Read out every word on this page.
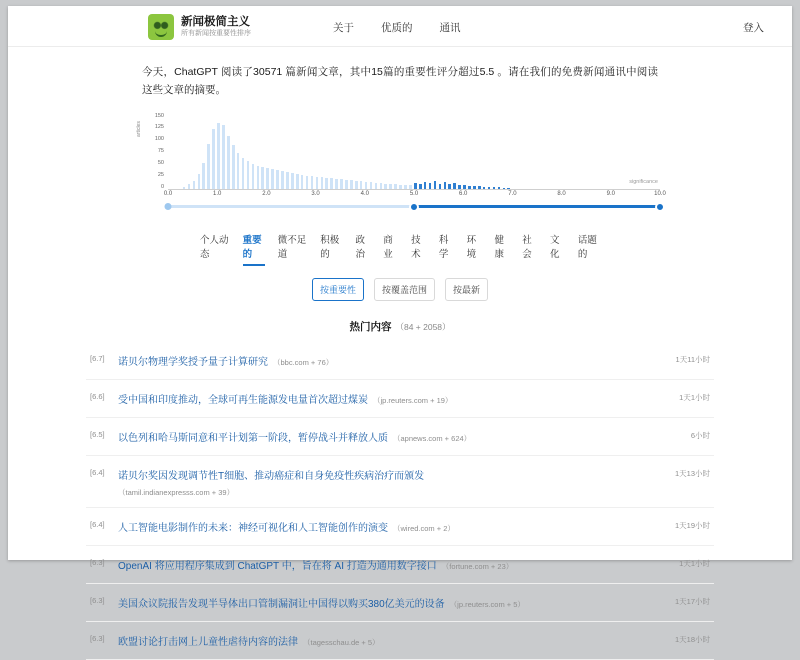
新闻极简主义
所有新闻按重要性排序	关于	优质的	通讯	登入
今天，ChatGPT 阅读了30571 篇新闻文章，其中15篇的重要性评分超过5.5 。请在我们的免费新闻通讯中阅读这些文章的摘要。
150
125
100
75
50
25
0
articles
significance
0.0	1.0	2.0	3.0	4.0	5.0	6.0	7.0	8.0	9.0	10.0
个人动态
重要的
微不足道
积极的
政治
商业
技术
科学
环境
健康
社会
文化
话题的
按重要性	按覆盖范围	按最新
热门内容 （84 + 2058）
[6.7]	诺贝尔物理学奖授予量子计算研究 （bbc.com + 76）	1天11小时
[6.6]	受中国和印度推动，全球可再生能源发电量首次超过煤炭 （jp.reuters.com + 19）	1天1小时
[6.5]	以色列和哈马斯同意和平计划第一阶段，暂停战斗并释放人质 （apnews.com + 624）	6小时
[6.4]	诺贝尔奖因发现调节性T细胞、推动癌症和自身免疫性疾病治疗而颁发
（tamil.indianexpresss.com + 39）
1天13小时
[6.4]	人工智能电影制作的未来：神经可视化和人工智能创作的演变 （wired.com + 2）	1天19小时
[6.3]	OpenAI 将应用程序集成到 ChatGPT 中，旨在将 AI 打造为通用数字接口 （fortune.com + 23）	1天1小时
[6.3]	美国众议院报告发现半导体出口管制漏洞让中国得以购买380亿美元的设备 （jp.reuters.com + 5）	1天17小时
[6.3]	欧盟讨论打击网上儿童性虐待内容的法律 （tagesschau.de + 5）	1天18小时
